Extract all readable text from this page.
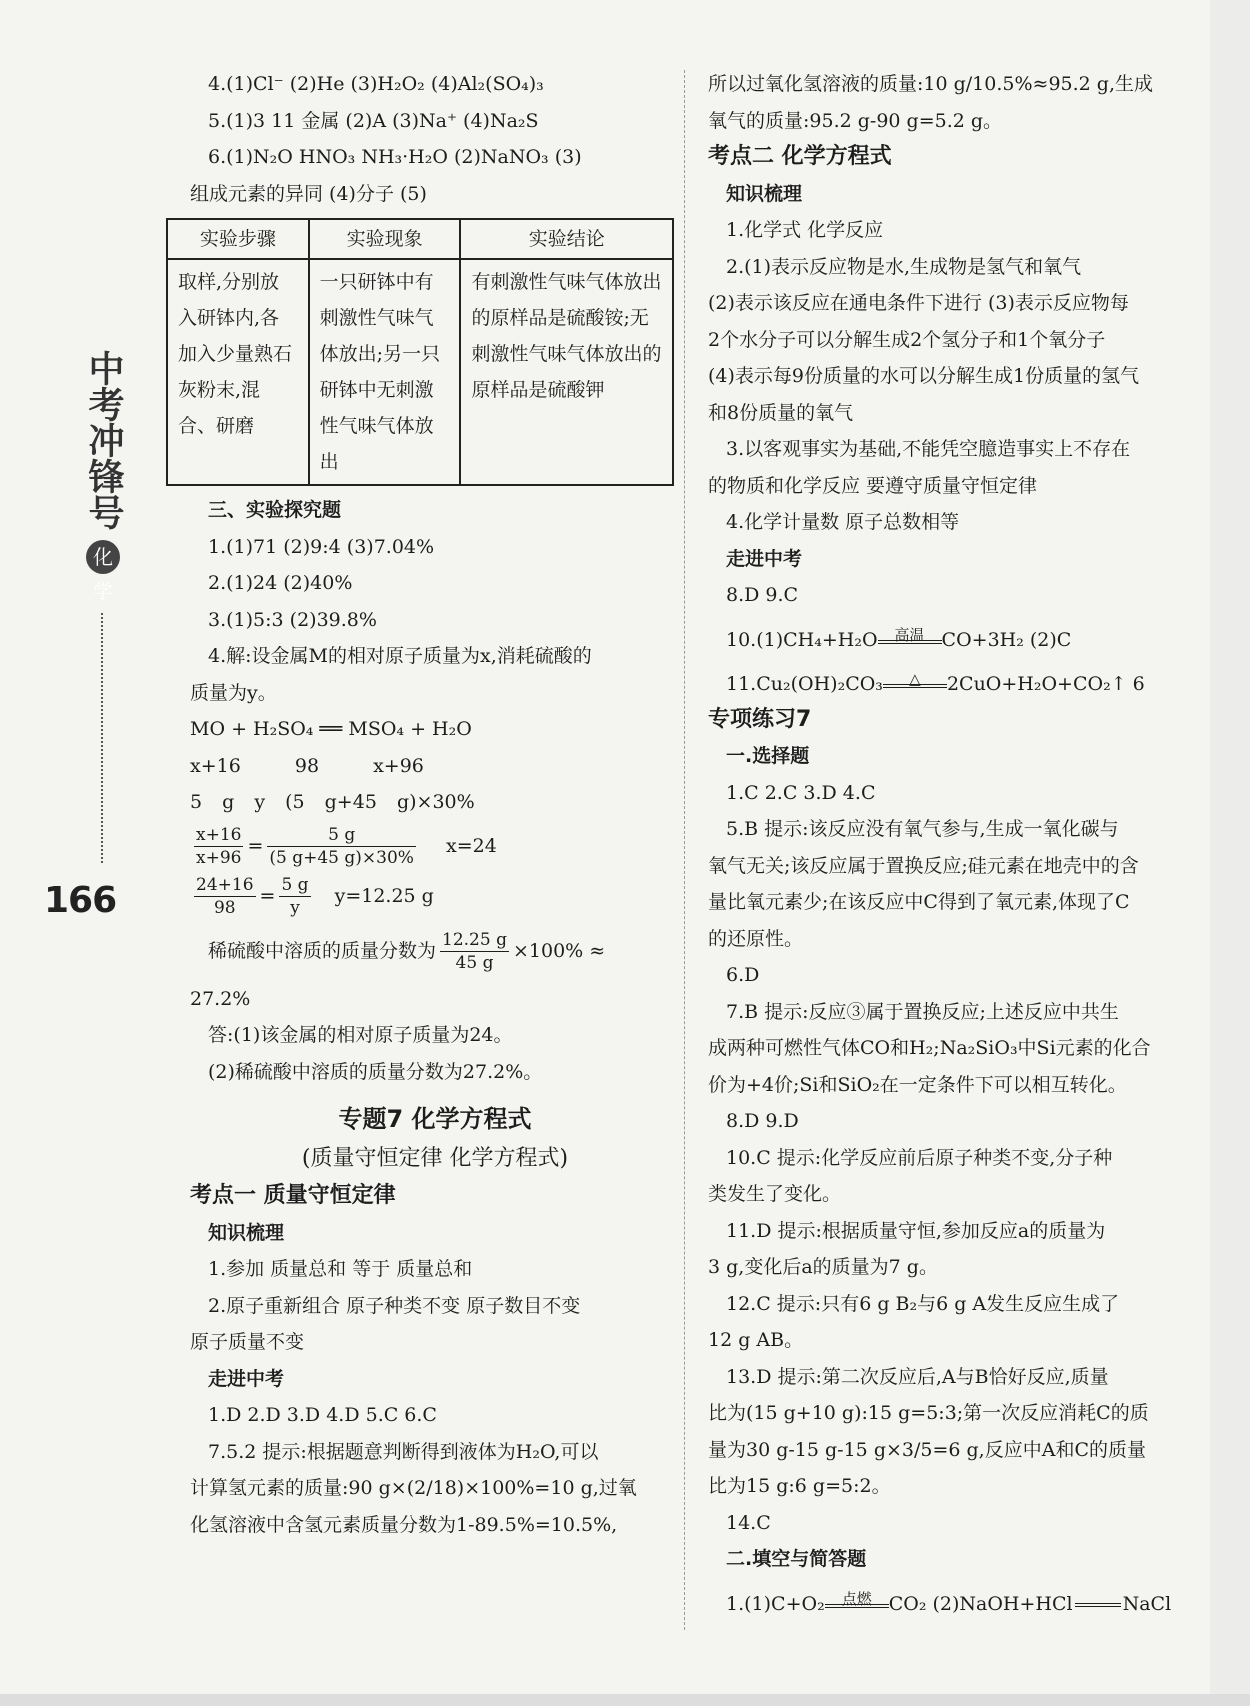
中考冲锋号
化学
166
4.(1)Cl⁻ (2)He (3)H₂O₂ (4)Al₂(SO₄)₃
5.(1)3 11 金属 (2)A (3)Na⁺ (4)Na₂S
6.(1)N₂O HNO₃ NH₃·H₂O (2)NaNO₃ (3)
组成元素的异同 (4)分子 (5)
实验步骤	实验现象	实验结论
取样,分别放入研钵内,各加入少量熟石灰粉末,混合、研磨	一只研钵中有刺激性气味气体放出;另一只研钵中无刺激性气味气体放出	有刺激性气味气体放出的原样品是硫酸铵;无刺激性气味气体放出的原样品是硫酸钾
三、实验探究题
1.(1)71 (2)9:4 (3)7.04%
2.(1)24 (2)40%
3.(1)5:3 (2)39.8%
4.解:设金属M的相对原子质量为x,消耗硫酸的
质量为y。
MO + H₂SO₄ ══ MSO₄ + H₂O
x+16 98 x+96
5 g y (5 g+45 g)×30%
$\frac{x+16}{x+96} = \frac{5 g}{(5 g+45 g)\times 30\%} x=24$
$\frac{24+16}{98} = \frac{5 g}{y} y=12.25$ g
稀硫酸中溶质的质量分数为 $\frac{12.25 g}{45 g} \times 100\%$ ≈
27.2%
答:(1)该金属的相对原子质量为24。
(2)稀硫酸中溶质的质量分数为27.2%。
专题7 化学方程式
(质量守恒定律 化学方程式)
考点一 质量守恒定律
知识梳理
1.参加 质量总和 等于 质量总和
2.原子重新组合 原子种类不变 原子数目不变
原子质量不变
走进中考
1.D 2.D 3.D 4.D 5.C 6.C
7.5.2 提示:根据题意判断得到液体为H₂O,可以
计算氢元素的质量:90 g×(2/18)×100%=10 g,过氧
化氢溶液中含氢元素质量分数为1-89.5%=10.5%,
所以过氧化氢溶液的质量:10 g/10.5%≈95.2 g,生成
氧气的质量:95.2 g-90 g=5.2 g。
考点二 化学方程式
知识梳理
1.化学式 化学反应
2.(1)表示反应物是水,生成物是氢气和氧气
(2)表示该反应在通电条件下进行 (3)表示反应物每
2个水分子可以分解生成2个氢分子和1个氧分子
(4)表示每9份质量的水可以分解生成1份质量的氢气
和8份质量的氧气
3.以客观事实为基础,不能凭空臆造事实上不存在
的物质和化学反应 要遵守质量守恒定律
4.化学计量数 原子总数相等
走进中考
8.D 9.C
10.(1)CH₄+H₂O	高温 CO+3H₂ (2)C
11.Cu₂(OH)₂CO₃	△	2CuO+H₂O+CO₂↑ 6
专项练习7
一.选择题
1.C 2.C 3.D 4.C
5.B 提示:该反应没有氧气参与,生成一氧化碳与
氧气无关;该反应属于置换反应;硅元素在地壳中的含
量比氧元素少;在该反应中C得到了氧元素,体现了C
的还原性。
6.D
7.B 提示:反应③属于置换反应;上述反应中共生
成两种可燃性气体CO和H₂;Na₂SiO₃中Si元素的化合
价为+4价;Si和SiO₂在一定条件下可以相互转化。
8.D 9.D
10.C 提示:化学反应前后原子种类不变,分子种
类发生了变化。
11.D 提示:根据质量守恒,参加反应a的质量为
3 g,变化后a的质量为7 g。
12.C 提示:只有6 g B₂与6 g A发生反应生成了
12 g AB。
13.D 提示:第二次反应后,A与B恰好反应,质量
比为(15 g+10 g):15 g=5:3;第一次反应消耗C的质
量为30 g-15 g-15 g×3/5=6 g,反应中A和C的质量
比为15 g:6 g=5:2。
14.C
二.填空与简答题
1.(1)C+O₂	点燃 CO₂ (2)NaOH+HCl	NaCl
